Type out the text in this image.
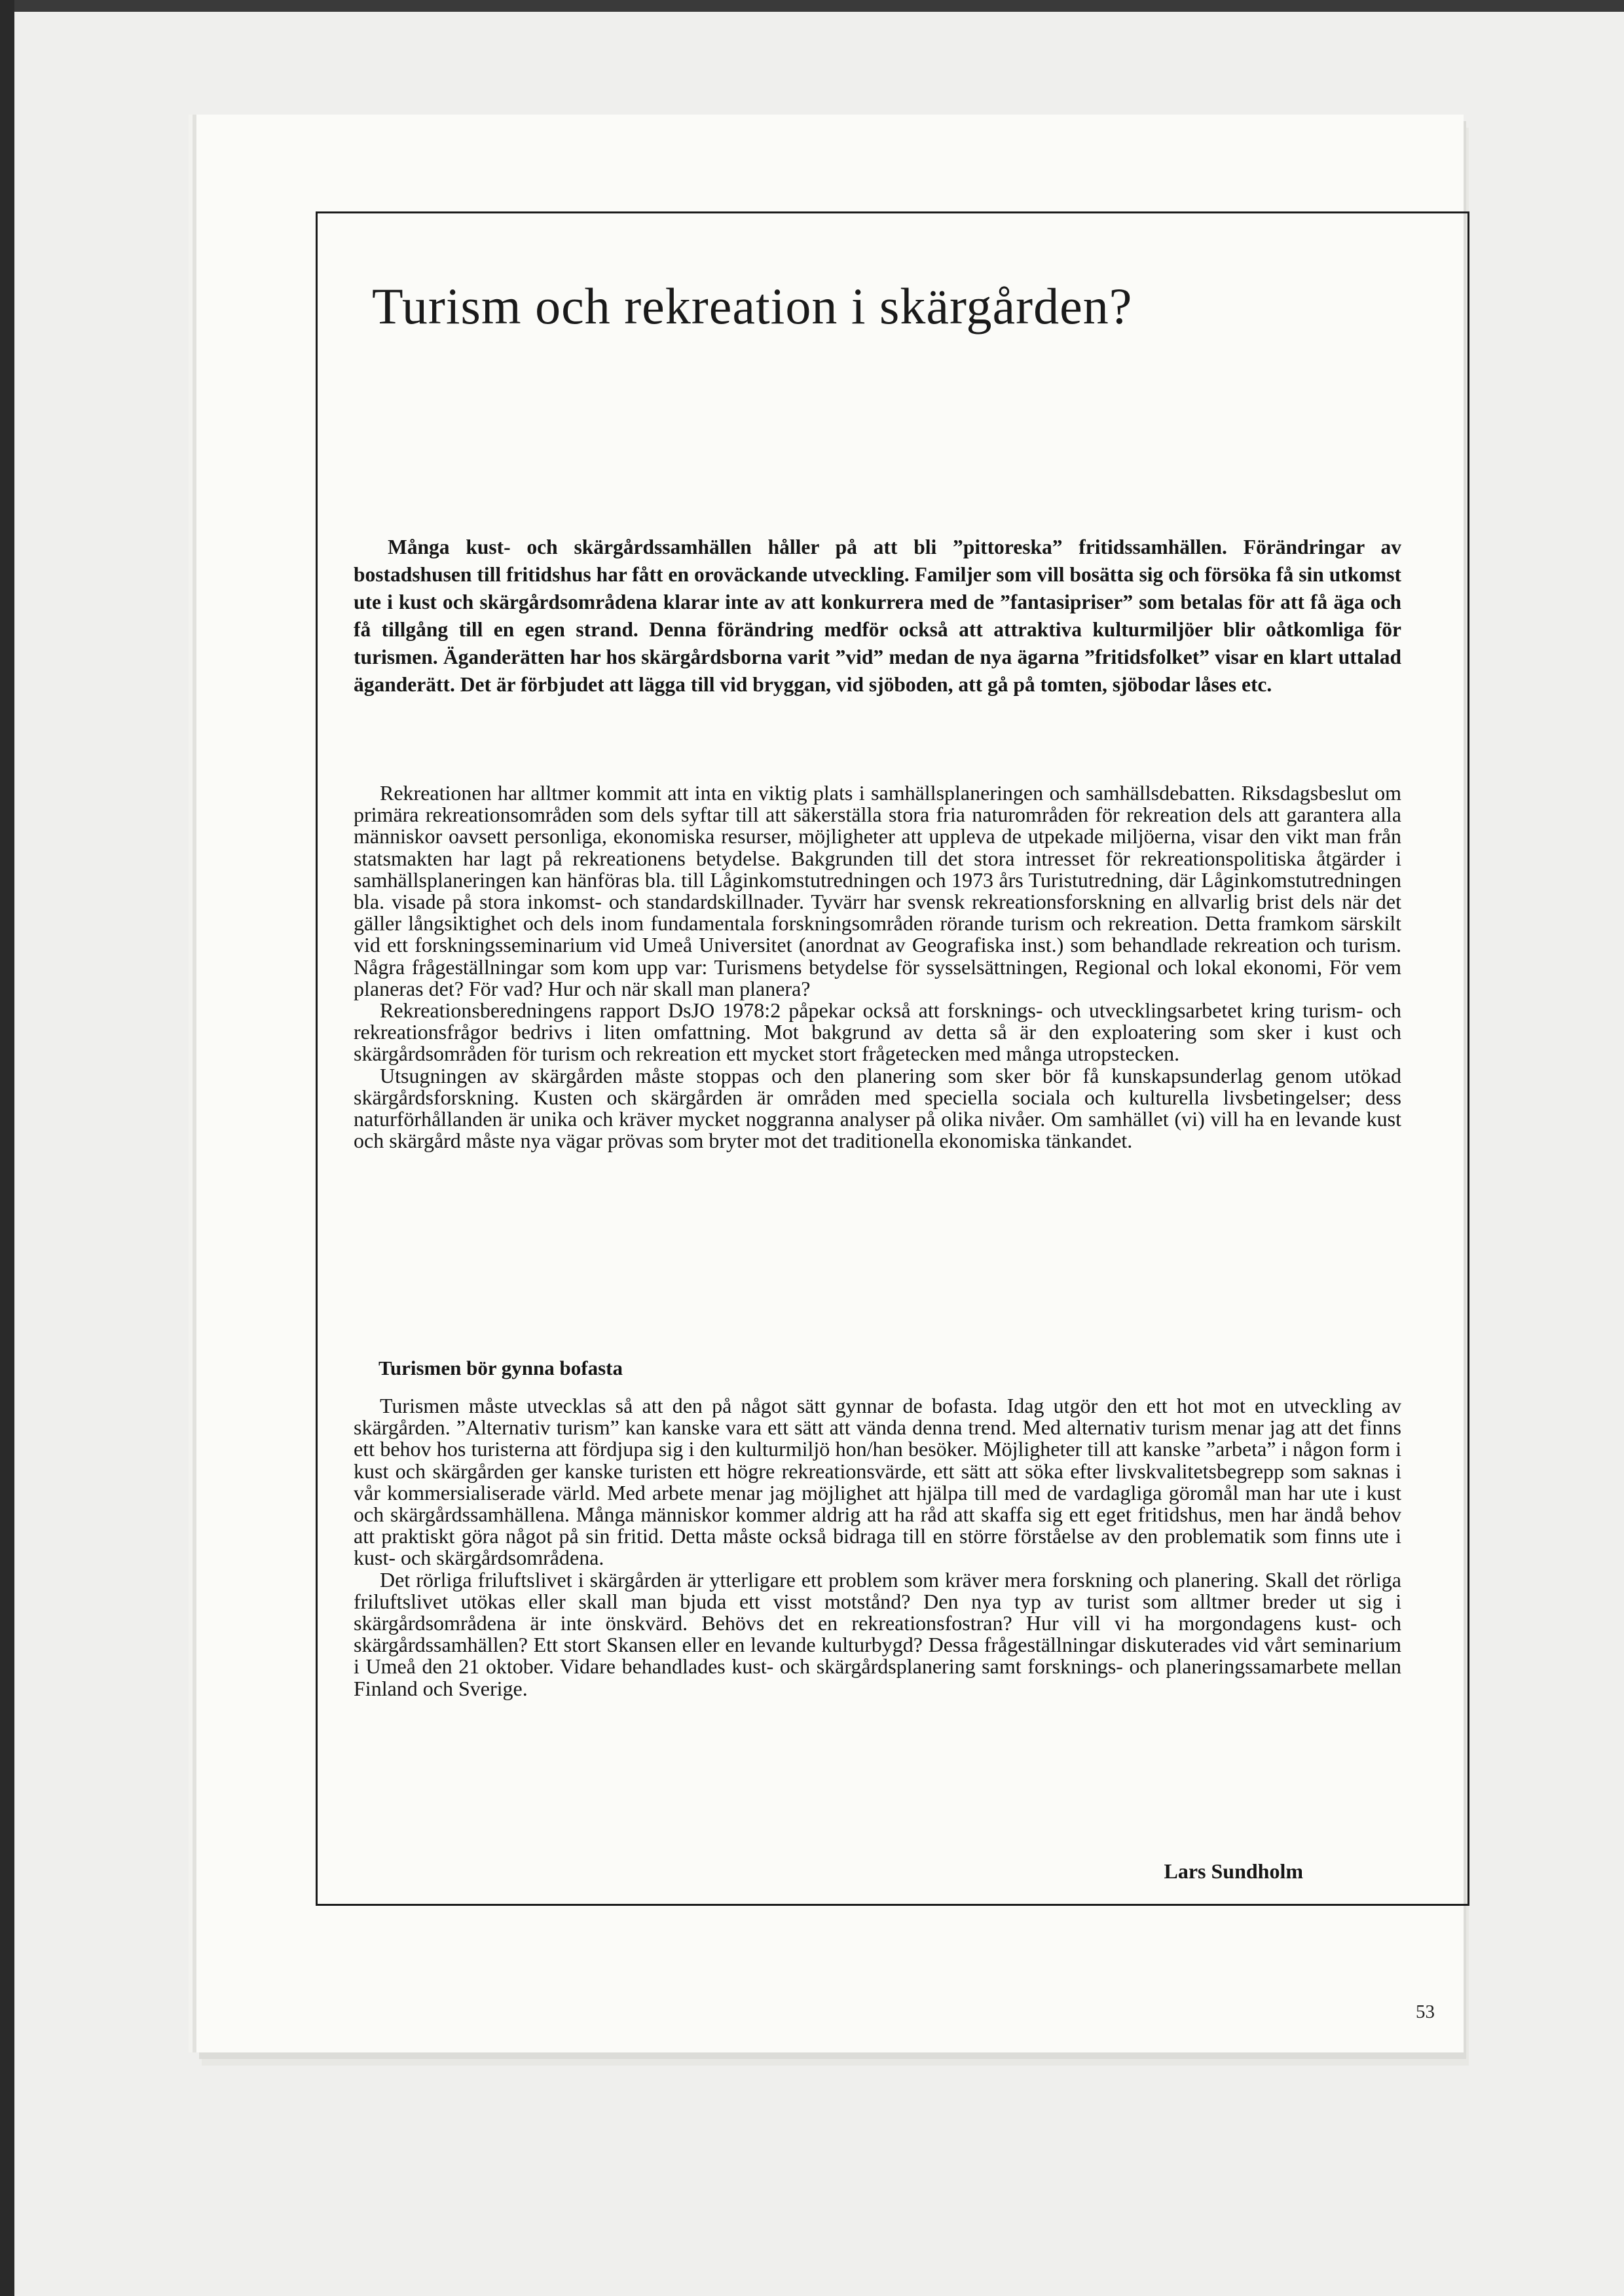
Turism och rekreation i skärgården?

Många kust- och skärgårdssamhällen håller på att bli ”pittoreska” fritidssamhällen. Förändringar av bostadshusen till fritidshus har fått en oroväckande utveckling. Familjer som vill bosätta sig och försöka få sin utkomst ute i kust och skärgårdsområdena klarar inte av att konkurrera med de ”fantasipriser” som betalas för att få äga och få tillgång till en egen strand. Denna förändring medför också att attraktiva kulturmiljöer blir oåtkomliga för turismen. Äganderätten har hos skärgårdsborna varit ”vid” medan de nya ägarna ”fritidsfolket” visar en klart uttalad äganderätt. Det är förbjudet att lägga till vid bryggan, vid sjöboden, att gå på tomten, sjöbodar låses etc.

Rekreationen har alltmer kommit att inta en viktig plats i samhällsplaneringen och samhällsdebatten. Riksdagsbeslut om primära rekreationsområden som dels syftar till att säkerställa stora fria naturområden för rekreation dels att garantera alla människor oavsett personliga, ekonomiska resurser, möjligheter att uppleva de utpekade miljöerna, visar den vikt man från statsmakten har lagt på rekreationens betydelse. Bakgrunden till det stora intresset för rekreationspolitiska åtgärder i samhällsplaneringen kan hänföras bla. till Låginkomstutredningen och 1973 års Turistutredning, där Låginkomstutredningen bla. visade på stora inkomst- och standardskillnader. Tyvärr har svensk rekreationsforskning en allvarlig brist dels när det gäller långsiktighet och dels inom fundamentala forskningsområden rörande turism och rekreation. Detta framkom särskilt vid ett forskningsseminarium vid Umeå Universitet (anordnat av Geografiska inst.) som behandlade rekreation och turism. Några frågeställningar som kom upp var: Turismens betydelse för sysselsättningen, Regional och lokal ekonomi, För vem planeras det? För vad? Hur och när skall man planera?

Rekreationsberedningens rapport DsJO 1978:2 påpekar också att forsknings- och utvecklingsarbetet kring turism- och rekreationsfrågor bedrivs i liten omfattning. Mot bakgrund av detta så är den exploatering som sker i kust och skärgårdsområden för turism och rekreation ett mycket stort frågetecken med många utropstecken.

Utsugningen av skärgården måste stoppas och den planering som sker bör få kunskapsunderlag genom utökad skärgårdsforskning. Kusten och skärgården är områden med speciella sociala och kulturella livsbetingelser; dess naturförhållanden är unika och kräver mycket noggranna analyser på olika nivåer. Om samhället (vi) vill ha en levande kust och skärgård måste nya vägar prövas som bryter mot det traditionella ekonomiska tänkandet.

Turismen bör gynna bofasta

Turismen måste utvecklas så att den på något sätt gynnar de bofasta. Idag utgör den ett hot mot en utveckling av skärgården. ”Alternativ turism” kan kanske vara ett sätt att vända denna trend. Med alternativ turism menar jag att det finns ett behov hos turisterna att fördjupa sig i den kulturmiljö hon/han besöker. Möjligheter till att kanske ”arbeta” i någon form i kust och skärgården ger kanske turisten ett högre rekreationsvärde, ett sätt att söka efter livskvalitetsbegrepp som saknas i vår kommersialiserade värld. Med arbete menar jag möjlighet att hjälpa till med de vardagliga göromål man har ute i kust och skärgårdssamhällena. Många människor kommer aldrig att ha råd att skaffa sig ett eget fritidshus, men har ändå behov att praktiskt göra något på sin fritid. Detta måste också bidraga till en större förståelse av den problematik som finns ute i kust- och skärgårdsområdena.

Det rörliga friluftslivet i skärgården är ytterligare ett problem som kräver mera forskning och planering. Skall det rörliga friluftslivet utökas eller skall man bjuda ett visst motstånd? Den nya typ av turist som alltmer breder ut sig i skärgårdsområdena är inte önskvärd. Behövs det en rekreationsfostran? Hur vill vi ha morgondagens kust- och skärgårdssamhällen? Ett stort Skansen eller en levande kulturbygd? Dessa frågeställningar diskuterades vid vårt seminarium i Umeå den 21 oktober. Vidare behandlades kust- och skärgårdsplanering samt forsknings- och planeringssamarbete mellan Finland och Sverige.

Lars Sundholm

53
